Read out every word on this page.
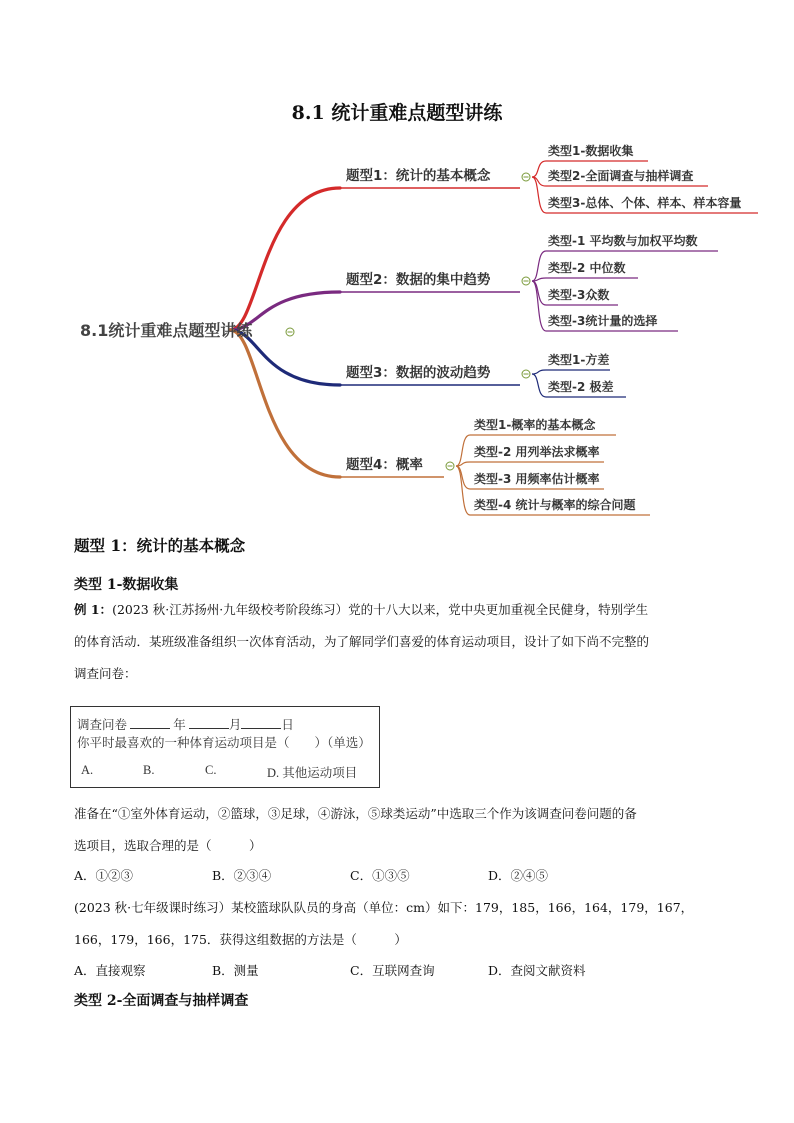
8.1 统计重难点题型讲练
8.1统计重难点题型讲练
题型1：统计的基本概念
类型1-数据收集
类型2-全面调查与抽样调查
类型3-总体、个体、样本、样本容量
题型2：数据的集中趋势
类型-1 平均数与加权平均数
类型-2 中位数
类型-3众数
类型-3统计量的选择
题型3：数据的波动趋势
类型1-方差
类型-2 极差
题型4：概率
类型1-概率的基本概念
类型-2 用列举法求概率
类型-3 用频率估计概率
类型-4 统计与概率的综合问题
题型 1：统计的基本概念
类型 1-数据收集
例 1：(2023 秋·江苏扬州·九年级校考阶段练习）党的十八大以来，党中央更加重视全民健身，特别学生
的体育活动．某班级准备组织一次体育活动，为了解同学们喜爱的体育运动项目，设计了如下尚不完整的
调查问卷：
调查问卷	年	月	日
你平时最喜欢的一种体育运动项目是（　　）（单选）
A.	B.	C.	D. 其他运动项目
准备在“①室外体育运动，②篮球，③足球，④游泳，⑤球类运动”中选取三个作为该调查问卷问题的备
选项目，选取合理的是（　　　）
A．①②③	B．②③④	C．①③⑤	D．②④⑤
(2023 秋·七年级课时练习）某校篮球队队员的身高（单位：cm）如下：179，185，166，164，179，167，
166，179，166，175．获得这组数据的方法是（　　　）
A．直接观察	B．测量	C．互联网查询	D．查阅文献资料
类型 2-全面调查与抽样调查
